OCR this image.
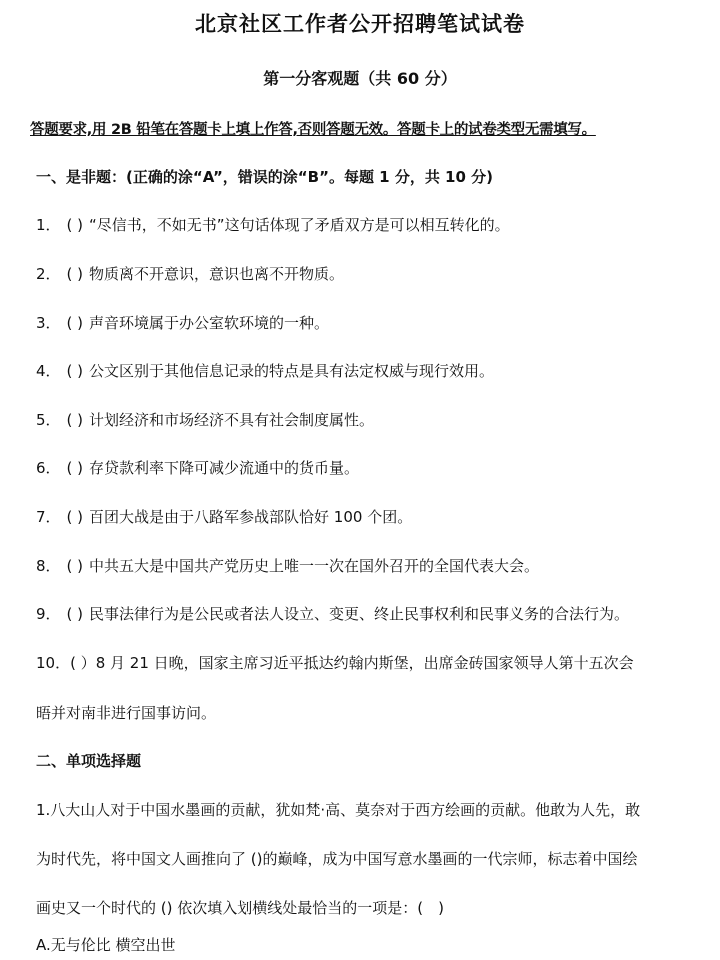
北京社区工作者公开招聘笔试试卷
第一分客观题（共 60 分）
答题要求,用 2B 铅笔在答题卡上填上作答,否则答题无效。答题卡上的试卷类型无需填写。
一、是非题：(正确的涂“A”，错误的涂“B”。每题 1 分，共 10 分)
1． ( ) “尽信书，不如无书”这句话体现了矛盾双方是可以相互转化的。
2． ( ) 物质离不开意识，意识也离不开物质。
3． ( ) 声音环境属于办公室软环境的一种。
4． ( ) 公文区别于其他信息记录的特点是具有法定权威与现行效用。
5． ( ) 计划经济和市场经济不具有社会制度属性。
6． ( ) 存贷款利率下降可减少流通中的货币量。
7． ( ) 百团大战是由于八路军参战部队恰好 100 个团。
8． ( ) 中共五大是中国共产党历史上唯一一次在国外召开的全国代表大会。
9． ( ) 民事法律行为是公民或者法人设立、变更、终止民事权利和民事义务的合法行为。
10．( ）8 月 21 日晚，国家主席习近平抵达约翰内斯堡，出席金砖国家领导人第十五次会
晤并对南非进行国事访问。
二、单项选择题
1.八大山人对于中国水墨画的贡献，犹如梵·高、莫奈对于西方绘画的贡献。他敢为人先，敢
为时代先，将中国文人画推向了 ()的巅峰，成为中国写意水墨画的一代宗师，标志着中国绘
画史又一个时代的 () 依次填入划横线处最恰当的一项是：(　)
A.无与伦比 横空出世
